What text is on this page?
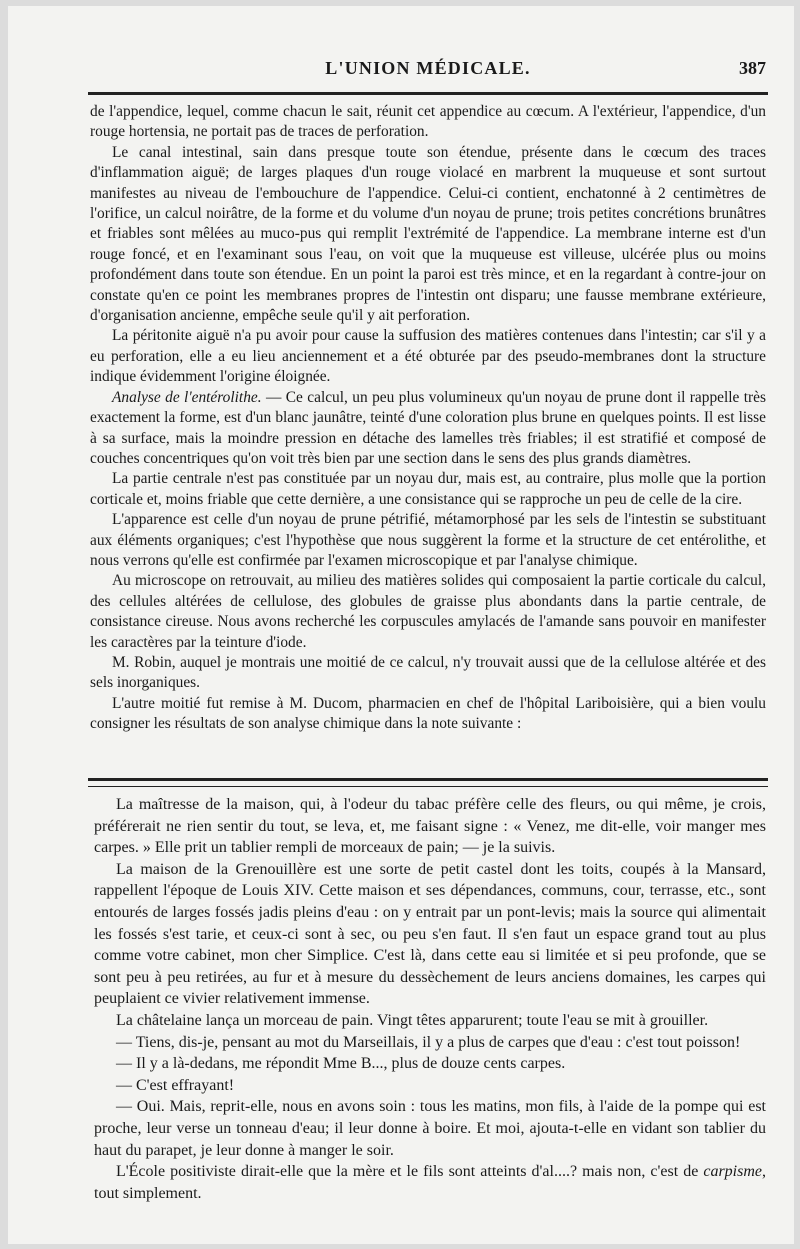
L'UNION MÉDICALE.	387

de l'appendice, lequel, comme chacun le sait, réunit cet appendice au cœcum. A l'extérieur, l'appendice, d'un rouge hortensia, ne portait pas de traces de perforation.

Le canal intestinal, sain dans presque toute son étendue, présente dans le cœcum des traces d'inflammation aiguë; de larges plaques d'un rouge violacé en marbrent la muqueuse et sont surtout manifestes au niveau de l'embouchure de l'appendice. Celui-ci contient, enchatonné à 2 centimètres de l'orifice, un calcul noirâtre, de la forme et du volume d'un noyau de prune; trois petites concrétions brunâtres et friables sont mêlées au muco-pus qui remplit l'extrémité de l'appendice. La membrane interne est d'un rouge foncé, et en l'examinant sous l'eau, on voit que la muqueuse est villeuse, ulcérée plus ou moins profondément dans toute son étendue. En un point la paroi est très mince, et en la regardant à contre-jour on constate qu'en ce point les membranes propres de l'intestin ont disparu; une fausse membrane extérieure, d'organisation ancienne, empêche seule qu'il y ait perforation.

La péritonite aiguë n'a pu avoir pour cause la suffusion des matières contenues dans l'intestin; car s'il y a eu perforation, elle a eu lieu anciennement et a été obturée par des pseudo-membranes dont la structure indique évidemment l'origine éloignée.

Analyse de l'entérolithe. — Ce calcul, un peu plus volumineux qu'un noyau de prune dont il rappelle très exactement la forme, est d'un blanc jaunâtre, teinté d'une coloration plus brune en quelques points. Il est lisse à sa surface, mais la moindre pression en détache des lamelles très friables; il est stratifié et composé de couches concentriques qu'on voit très bien par une section dans le sens des plus grands diamètres.

La partie centrale n'est pas constituée par un noyau dur, mais est, au contraire, plus molle que la portion corticale et, moins friable que cette dernière, a une consistance qui se rapproche un peu de celle de la cire.

L'apparence est celle d'un noyau de prune pétrifié, métamorphosé par les sels de l'intestin se substituant aux éléments organiques; c'est l'hypothèse que nous suggèrent la forme et la structure de cet entérolithe, et nous verrons qu'elle est confirmée par l'examen microscopique et par l'analyse chimique.

Au microscope on retrouvait, au milieu des matières solides qui composaient la partie corticale du calcul, des cellules altérées de cellulose, des globules de graisse plus abondants dans la partie centrale, de consistance cireuse. Nous avons recherché les corpuscules amylacés de l'amande sans pouvoir en manifester les caractères par la teinture d'iode.

M. Robin, auquel je montrais une moitié de ce calcul, n'y trouvait aussi que de la cellulose altérée et des sels inorganiques.

L'autre moitié fut remise à M. Ducom, pharmacien en chef de l'hôpital Lariboisière, qui a bien voulu consigner les résultats de son analyse chimique dans la note suivante :

La maîtresse de la maison, qui, à l'odeur du tabac préfère celle des fleurs, ou qui même, je crois, préférerait ne rien sentir du tout, se leva, et, me faisant signe : « Venez, me dit-elle, voir manger mes carpes. » Elle prit un tablier rempli de morceaux de pain; — je la suivis.

La maison de la Grenouillère est une sorte de petit castel dont les toits, coupés à la Mansard, rappellent l'époque de Louis XIV. Cette maison et ses dépendances, communs, cour, terrasse, etc., sont entourés de larges fossés jadis pleins d'eau : on y entrait par un pont-levis; mais la source qui alimentait les fossés s'est tarie, et ceux-ci sont à sec, ou peu s'en faut. Il s'en faut un espace grand tout au plus comme votre cabinet, mon cher Simplice. C'est là, dans cette eau si limitée et si peu profonde, que se sont peu à peu retirées, au fur et à mesure du dessèchement de leurs anciens domaines, les carpes qui peuplaient ce vivier relativement immense.

La châtelaine lança un morceau de pain. Vingt têtes apparurent; toute l'eau se mit à grouiller.

— Tiens, dis-je, pensant au mot du Marseillais, il y a plus de carpes que d'eau : c'est tout poisson!

— Il y a là-dedans, me répondit Mme B..., plus de douze cents carpes.

— C'est effrayant!

— Oui. Mais, reprit-elle, nous en avons soin : tous les matins, mon fils, à l'aide de la pompe qui est proche, leur verse un tonneau d'eau; il leur donne à boire. Et moi, ajouta-t-elle en vidant son tablier du haut du parapet, je leur donne à manger le soir.

L'École positiviste dirait-elle que la mère et le fils sont atteints d'al....? mais non, c'est de carpisme, tout simplement.
